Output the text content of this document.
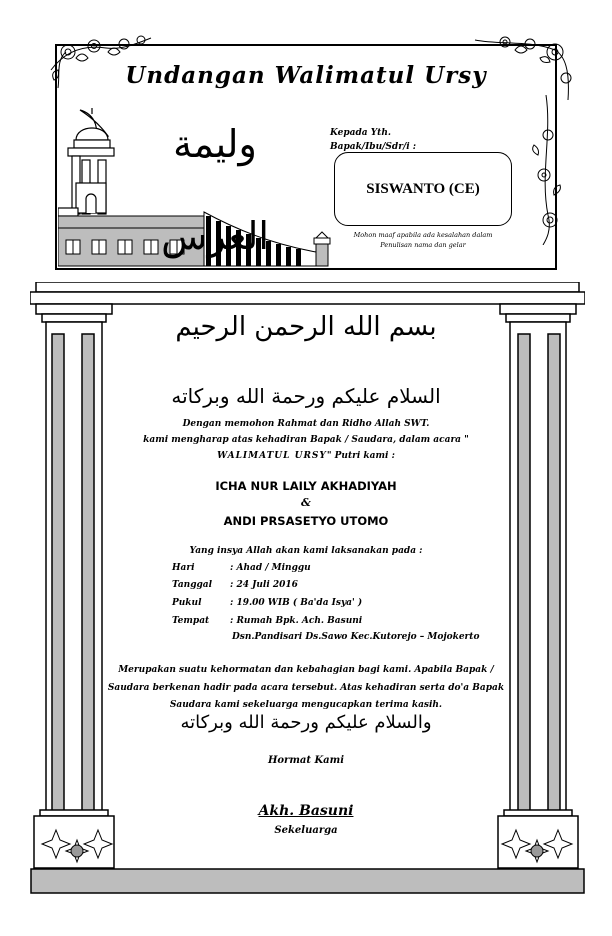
Undangan Walimatul Ursy
وليمة العرس
Kepada Yth.
Bapak/Ibu/Sdr/i :
SISWANTO (CE)
Mohon maaf apabila ada kesalahan dalam
Penulisan nama dan gelar
بسم الله الرحمن الرحيم
السلام عليكم ورحمة الله وبركاته
Dengan memohon Rahmat dan Ridho Allah SWT.
kami mengharap atas kehadiran Bapak / Saudara, dalam acara "
WALIMATUL URSY" Putri kami :
ICHA NUR LAILY AKHADIYAH
&
ANDI PRSASETYO UTOMO
Yang insya Allah akan kami laksanakan pada :
Hari	: Ahad / Minggu
Tanggal : 24 Juli 2016
Pukul	: 19.00 WIB ( Ba'da Isya' )
Tempat : Rumah Bpk. Ach. Basuni
Dsn.Pandisari Ds.Sawo Kec.Kutorejo – Mojokerto
Merupakan suatu kehormatan dan kebahagian bagi kami. Apabila Bapak /
Saudara berkenan hadir pada acara tersebut. Atas kehadiran serta do'a Bapak
Saudara kami sekeluarga mengucapkan terima kasih.
والسلام عليكم ورحمة الله وبركاته
Hormat Kami
Akh. Basuni
Sekeluarga
